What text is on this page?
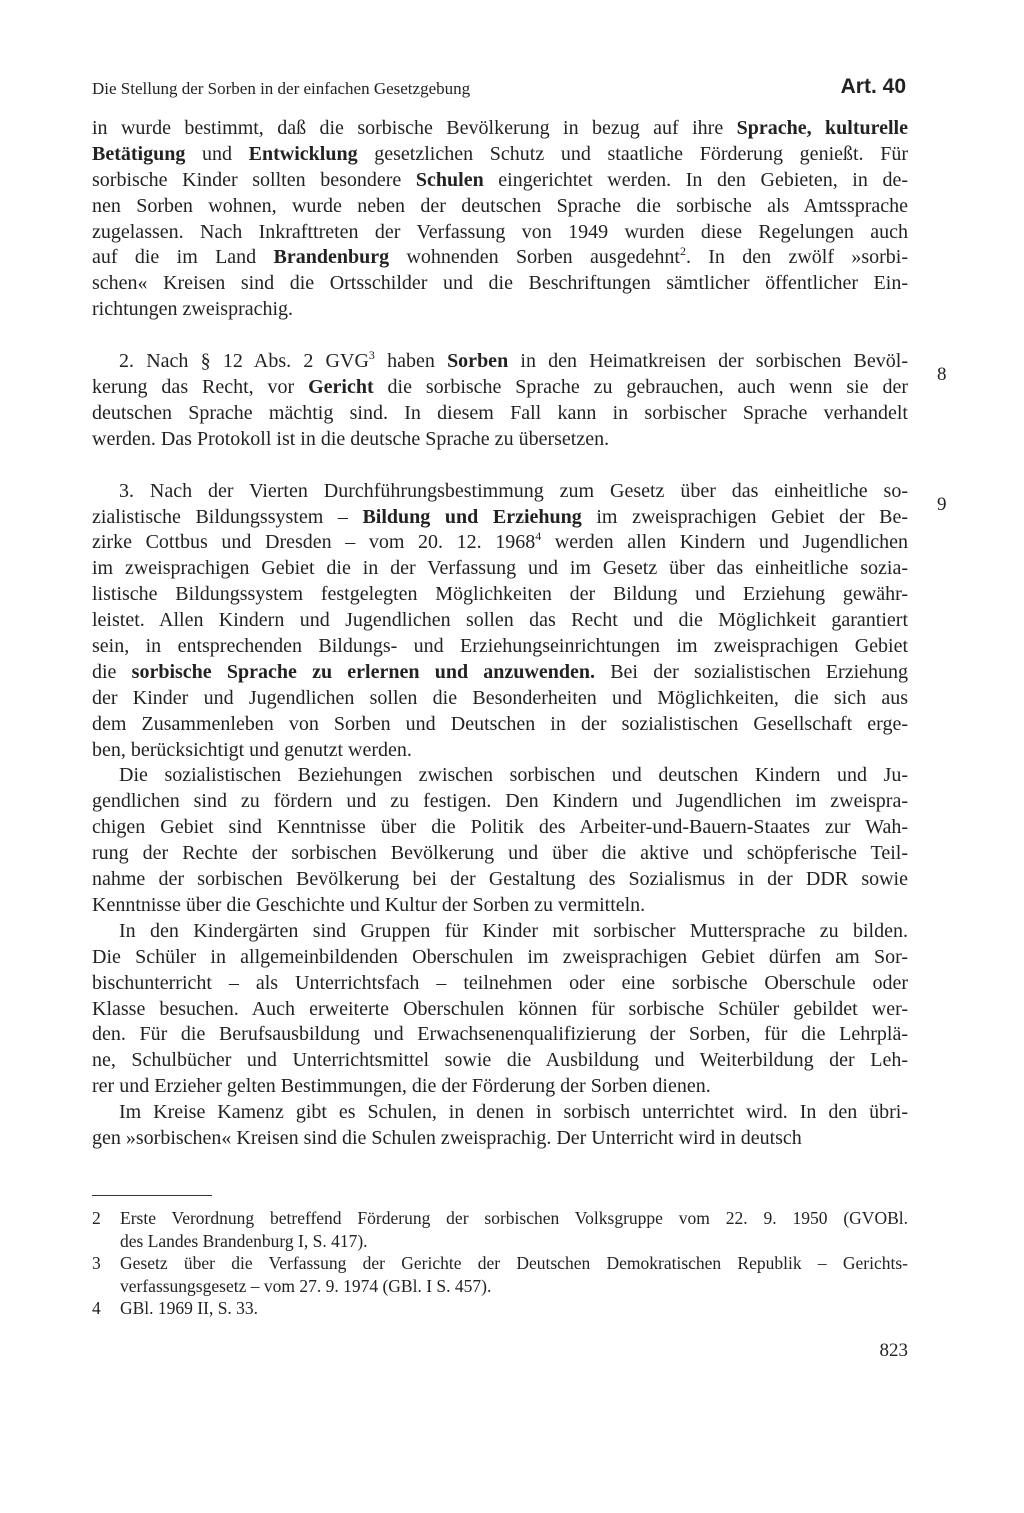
Die Stellung der Sorben in der einfachen Gesetzgebung	Art. 40
in wurde bestimmt, daß die sorbische Bevölkerung in bezug auf ihre Sprache, kulturelle
Betätigung und Entwicklung gesetzlichen Schutz und staatliche Förderung genießt. Für
sorbische Kinder sollten besondere Schulen eingerichtet werden. In den Gebieten, in de-
nen Sorben wohnen, wurde neben der deutschen Sprache die sorbische als Amtssprache
zugelassen. Nach Inkrafttreten der Verfassung von 1949 wurden diese Regelungen auch
auf die im Land Brandenburg wohnenden Sorben ausgedehnt$^2$. In den zwölf »sorbi-
schen« Kreisen sind die Ortsschilder und die Beschriftungen sämtlicher öffentlicher Ein-
richtungen zweisprachig.
2. Nach § 12 Abs. 2 GVG$^3$ haben Sorben in den Heimatkreisen der sorbischen Bevöl-
kerung das Recht, vor Gericht die sorbische Sprache zu gebrauchen, auch wenn sie der
deutschen Sprache mächtig sind. In diesem Fall kann in sorbischer Sprache verhandelt
werden. Das Protokoll ist in die deutsche Sprache zu übersetzen.
3. Nach der Vierten Durchführungsbestimmung zum Gesetz über das einheitliche so-
zialistische Bildungssystem – Bildung und Erziehung im zweisprachigen Gebiet der Be-
zirke Cottbus und Dresden – vom 20. 12. 1968$^4$ werden allen Kindern und Jugendlichen
im zweisprachigen Gebiet die in der Verfassung und im Gesetz über das einheitliche sozia-
listische Bildungssystem festgelegten Möglichkeiten der Bildung und Erziehung gewähr-
leistet. Allen Kindern und Jugendlichen sollen das Recht und die Möglichkeit garantiert
sein, in entsprechenden Bildungs- und Erziehungseinrichtungen im zweisprachigen Gebiet
die sorbische Sprache zu erlernen und anzuwenden. Bei der sozialistischen Erziehung
der Kinder und Jugendlichen sollen die Besonderheiten und Möglichkeiten, die sich aus
dem Zusammenleben von Sorben und Deutschen in der sozialistischen Gesellschaft erge-
ben, berücksichtigt und genutzt werden.
Die sozialistischen Beziehungen zwischen sorbischen und deutschen Kindern und Ju-
gendlichen sind zu fördern und zu festigen. Den Kindern und Jugendlichen im zweispra-
chigen Gebiet sind Kenntnisse über die Politik des Arbeiter-und-Bauern-Staates zur Wah-
rung der Rechte der sorbischen Bevölkerung und über die aktive und schöpferische Teil-
nahme der sorbischen Bevölkerung bei der Gestaltung des Sozialismus in der DDR sowie
Kenntnisse über die Geschichte und Kultur der Sorben zu vermitteln.
In den Kindergärten sind Gruppen für Kinder mit sorbischer Muttersprache zu bilden.
Die Schüler in allgemeinbildenden Oberschulen im zweisprachigen Gebiet dürfen am Sor-
bischunterricht – als Unterrichtsfach – teilnehmen oder eine sorbische Oberschule oder
Klasse besuchen. Auch erweiterte Oberschulen können für sorbische Schüler gebildet wer-
den. Für die Berufsausbildung und Erwachsenenqualifizierung der Sorben, für die Lehrplä-
ne, Schulbücher und Unterrichtsmittel sowie die Ausbildung und Weiterbildung der Leh-
rer und Erzieher gelten Bestimmungen, die der Förderung der Sorben dienen.
Im Kreise Kamenz gibt es Schulen, in denen in sorbisch unterrichtet wird. In den übri-
gen »sorbischen« Kreisen sind die Schulen zweisprachig. Der Unterricht wird in deutsch
8
9
2 Erste Verordnung betreffend Förderung der sorbischen Volksgruppe vom 22. 9. 1950 (GVOBl.
des Landes Brandenburg I, S. 417).
3 Gesetz über die Verfassung der Gerichte der Deutschen Demokratischen Republik – Gerichts-
verfassungsgesetz – vom 27. 9. 1974 (GBl. I S. 457).
4 GBl. 1969 II, S. 33.
823
